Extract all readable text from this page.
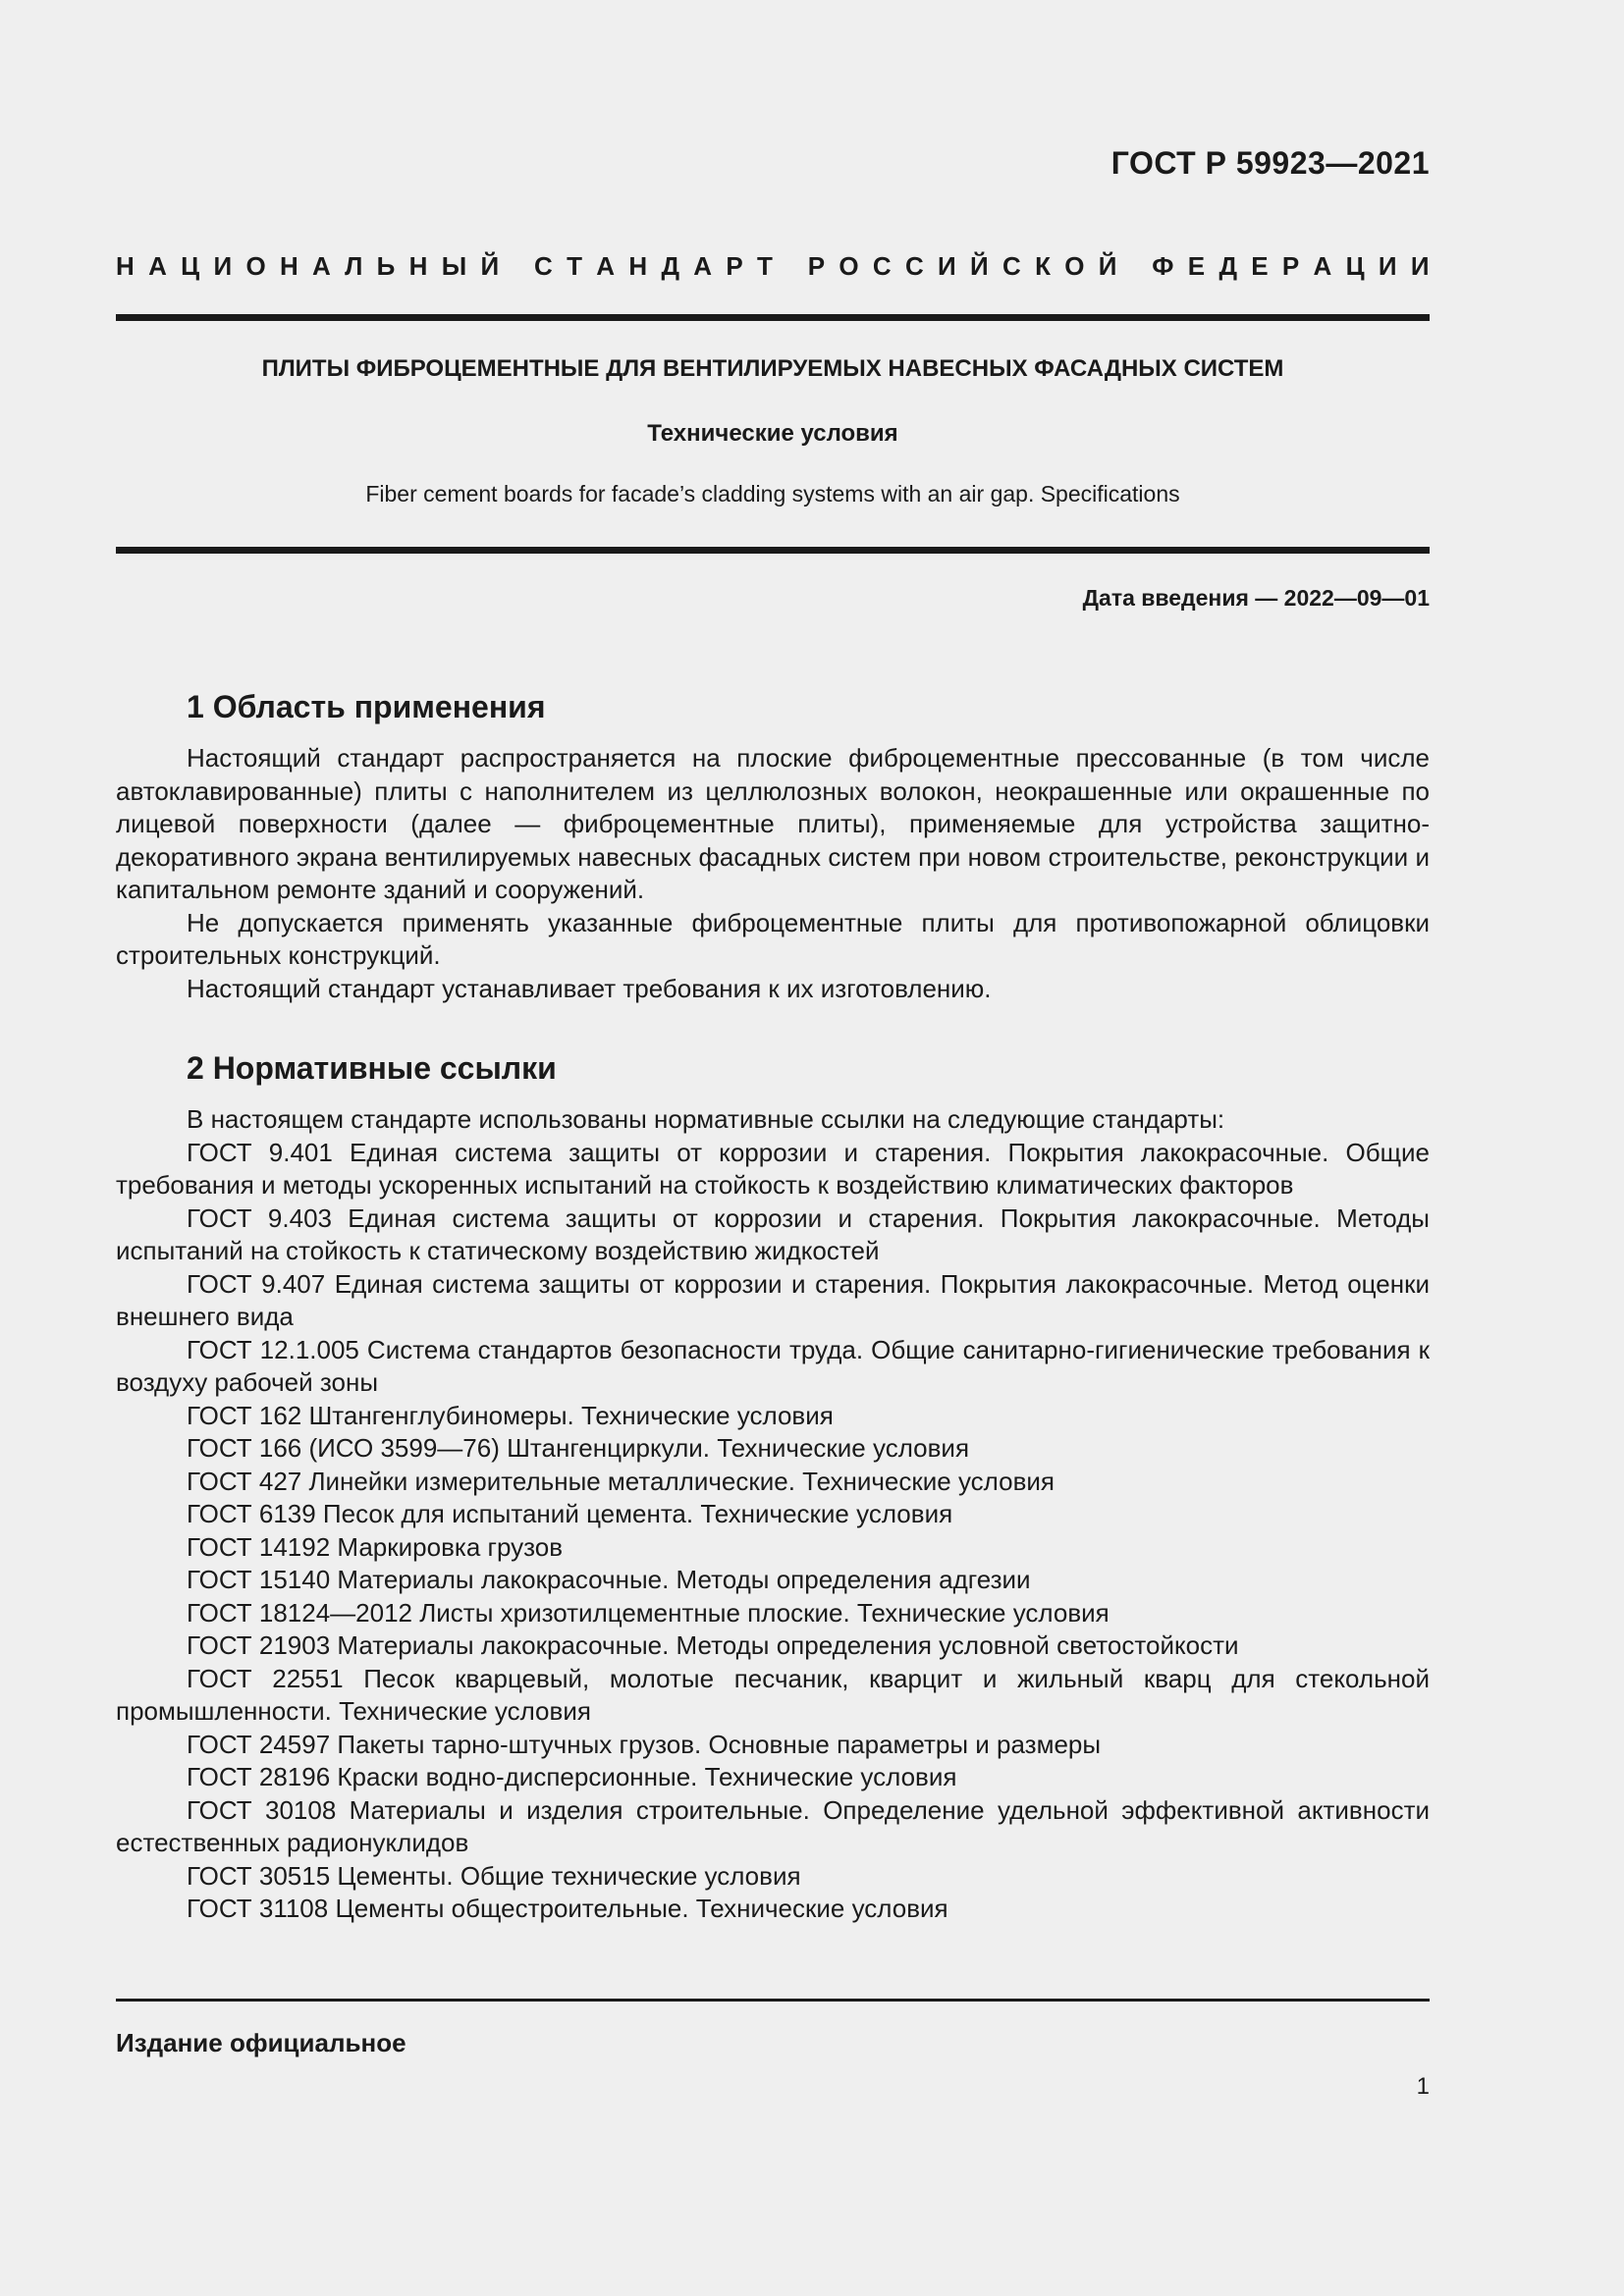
ГОСТ Р 59923—2021
Н А Ц И О Н А Л Ь Н Ы Й
С Т А Н Д А Р Т
Р О С С И Й С К О Й
Ф Е Д Е Р А Ц И И
ПЛИТЫ ФИБРОЦЕМЕНТНЫЕ ДЛЯ ВЕНТИЛИРУЕМЫХ НАВЕСНЫХ ФАСАДНЫХ СИСТЕМ
Технические условия
Fiber cement boards for facade’s cladding systems with an air gap. Specifications
Дата введения — 2022—09—01
1 Область применения

Настоящий стандарт распространяется на плоские фиброцементные прессованные (в том числе автоклавированные) плиты с наполнителем из целлюлозных волокон, неокрашенные или окрашенные по лицевой поверхности (далее — фиброцементные плиты), применяемые для устройства защитно-декоративного экрана вентилируемых навесных фасадных систем при новом строительстве, реконструкции и капитальном ремонте зданий и сооружений.

Не допускается применять указанные фиброцементные плиты для противопожарной облицовки строительных конструкций.

Настоящий стандарт устанавливает требования к их изготовлению.

2 Нормативные ссылки

В настоящем стандарте использованы нормативные ссылки на следующие стандарты:

ГОСТ 9.401 Единая система защиты от коррозии и старения. Покрытия лакокрасочные. Общие требования и методы ускоренных испытаний на стойкость к воздействию климатических факторов

ГОСТ 9.403 Единая система защиты от коррозии и старения. Покрытия лакокрасочные. Методы испытаний на стойкость к статическому воздействию жидкостей

ГОСТ 9.407 Единая система защиты от коррозии и старения. Покрытия лакокрасочные. Метод оценки внешнего вида

ГОСТ 12.1.005 Система стандартов безопасности труда. Общие санитарно-гигиенические требования к воздуху рабочей зоны

ГОСТ 162 Штангенглубиномеры. Технические условия

ГОСТ 166 (ИСО 3599—76) Штангенциркули. Технические условия

ГОСТ 427 Линейки измерительные металлические. Технические условия

ГОСТ 6139 Песок для испытаний цемента. Технические условия

ГОСТ 14192 Маркировка грузов

ГОСТ 15140 Материалы лакокрасочные. Методы определения адгезии

ГОСТ 18124—2012 Листы хризотилцементные плоские. Технические условия

ГОСТ 21903 Материалы лакокрасочные. Методы определения условной светостойкости

ГОСТ 22551 Песок кварцевый, молотые песчаник, кварцит и жильный кварц для стекольной промышленности. Технические условия

ГОСТ 24597 Пакеты тарно-штучных грузов. Основные параметры и размеры

ГОСТ 28196 Краски водно-дисперсионные. Технические условия

ГОСТ 30108 Материалы и изделия строительные. Определение удельной эффективной активности естественных радионуклидов

ГОСТ 30515 Цементы. Общие технические условия

ГОСТ 31108 Цементы общестроительные. Технические условия

Издание официальное
1
